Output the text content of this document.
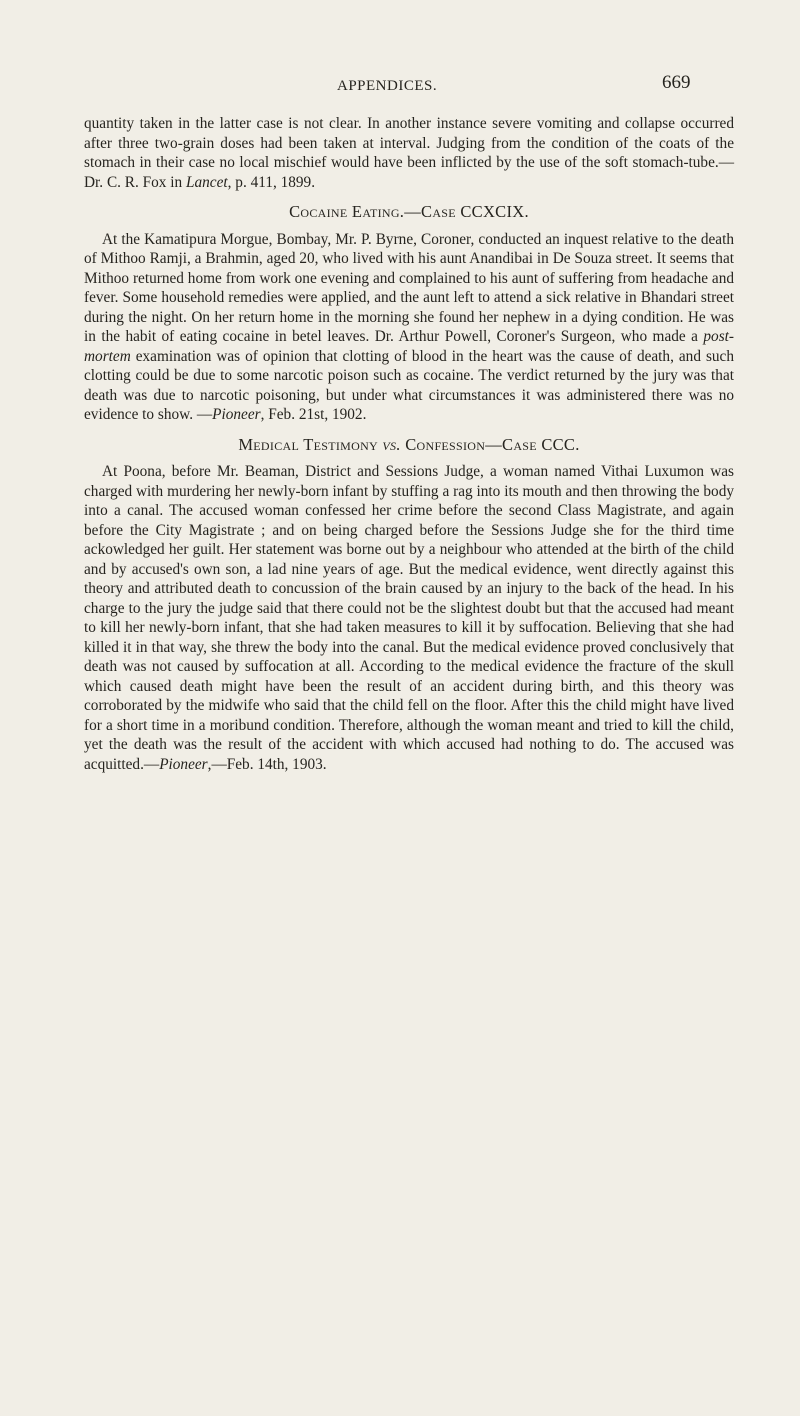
APPENDICES.	669

quantity taken in the latter case is not clear. In another instance severe vomiting and collapse occurred after three two-grain doses had been taken at interval. Judging from the condition of the coats of the stomach in their case no local mischief would have been inflicted by the use of the soft stomach-tube.—Dr. C. R. Fox in Lancet, p. 411, 1899.

Cocaine Eating.—Case CCXCIX.

At the Kamatipura Morgue, Bombay, Mr. P. Byrne, Coroner, conducted an inquest relative to the death of Mithoo Ramji, a Brahmin, aged 20, who lived with his aunt Anandibai in De Souza street. It seems that Mithoo returned home from work one evening and complained to his aunt of suffering from headache and fever. Some household remedies were applied, and the aunt left to attend a sick relative in Bhandari street during the night. On her return home in the morning she found her nephew in a dying condition. He was in the habit of eating cocaine in betel leaves. Dr. Arthur Powell, Coroner's Surgeon, who made a post-mortem examination was of opinion that clotting of blood in the heart was the cause of death, and such clotting could be due to some narcotic poison such as cocaine. The verdict returned by the jury was that death was due to narcotic poisoning, but under what circumstances it was administered there was no evidence to show. —Pioneer, Feb. 21st, 1902.

Medical Testimony vs. Confession—Case CCC.

At Poona, before Mr. Beaman, District and Sessions Judge, a woman named Vithai Luxumon was charged with murdering her newly-born infant by stuffing a rag into its mouth and then throwing the body into a canal. The accused woman confessed her crime before the second Class Magistrate, and again before the City Magistrate ; and on being charged before the Sessions Judge she for the third time ackowledged her guilt. Her statement was borne out by a neighbour who attended at the birth of the child and by accused's own son, a lad nine years of age. But the medical evidence, went directly against this theory and attributed death to concussion of the brain caused by an injury to the back of the head. In his charge to the jury the judge said that there could not be the slightest doubt but that the accused had meant to kill her newly-born infant, that she had taken measures to kill it by suffocation. Believing that she had killed it in that way, she threw the body into the canal. But the medical evidence proved conclusively that death was not caused by suffocation at all. According to the medical evidence the fracture of the skull which caused death might have been the result of an accident during birth, and this theory was corroborated by the midwife who said that the child fell on the floor. After this the child might have lived for a short time in a moribund condition. Therefore, although the woman meant and tried to kill the child, yet the death was the result of the accident with which accused had nothing to do. The accused was acquitted.—Pioneer,—Feb. 14th, 1903.
